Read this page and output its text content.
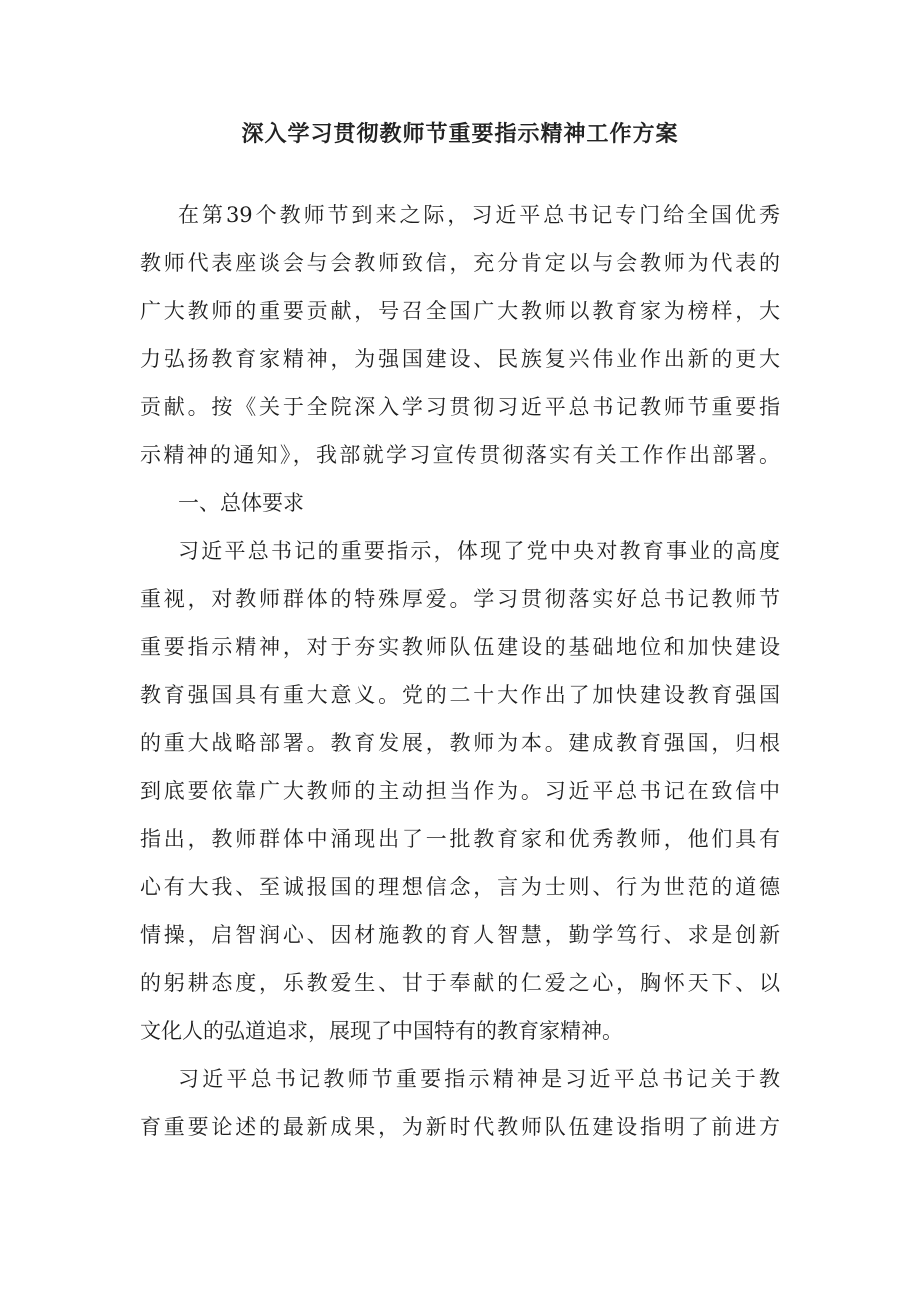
深入学习贯彻教师节重要指示精神工作方案
在第39个教师节到来之际，习近平总书记专门给全国优秀
教师代表座谈会与会教师致信，充分肯定以与会教师为代表的
广大教师的重要贡献，号召全国广大教师以教育家为榜样，大
力弘扬教育家精神，为强国建设、民族复兴伟业作出新的更大
贡献。按《关于全院深入学习贯彻习近平总书记教师节重要指
示精神的通知》，我部就学习宣传贯彻落实有关工作作出部署。
一、总体要求
习近平总书记的重要指示，体现了党中央对教育事业的高度
重视，对教师群体的特殊厚爱。学习贯彻落实好总书记教师节
重要指示精神，对于夯实教师队伍建设的基础地位和加快建设
教育强国具有重大意义。党的二十大作出了加快建设教育强国
的重大战略部署。教育发展，教师为本。建成教育强国，归根
到底要依靠广大教师的主动担当作为。习近平总书记在致信中
指出，教师群体中涌现出了一批教育家和优秀教师，他们具有
心有大我、至诚报国的理想信念，言为士则、行为世范的道德
情操，启智润心、因材施教的育人智慧，勤学笃行、求是创新
的躬耕态度，乐教爱生、甘于奉献的仁爱之心，胸怀天下、以
文化人的弘道追求，展现了中国特有的教育家精神。
习近平总书记教师节重要指示精神是习近平总书记关于教
育重要论述的最新成果，为新时代教师队伍建设指明了前进方
